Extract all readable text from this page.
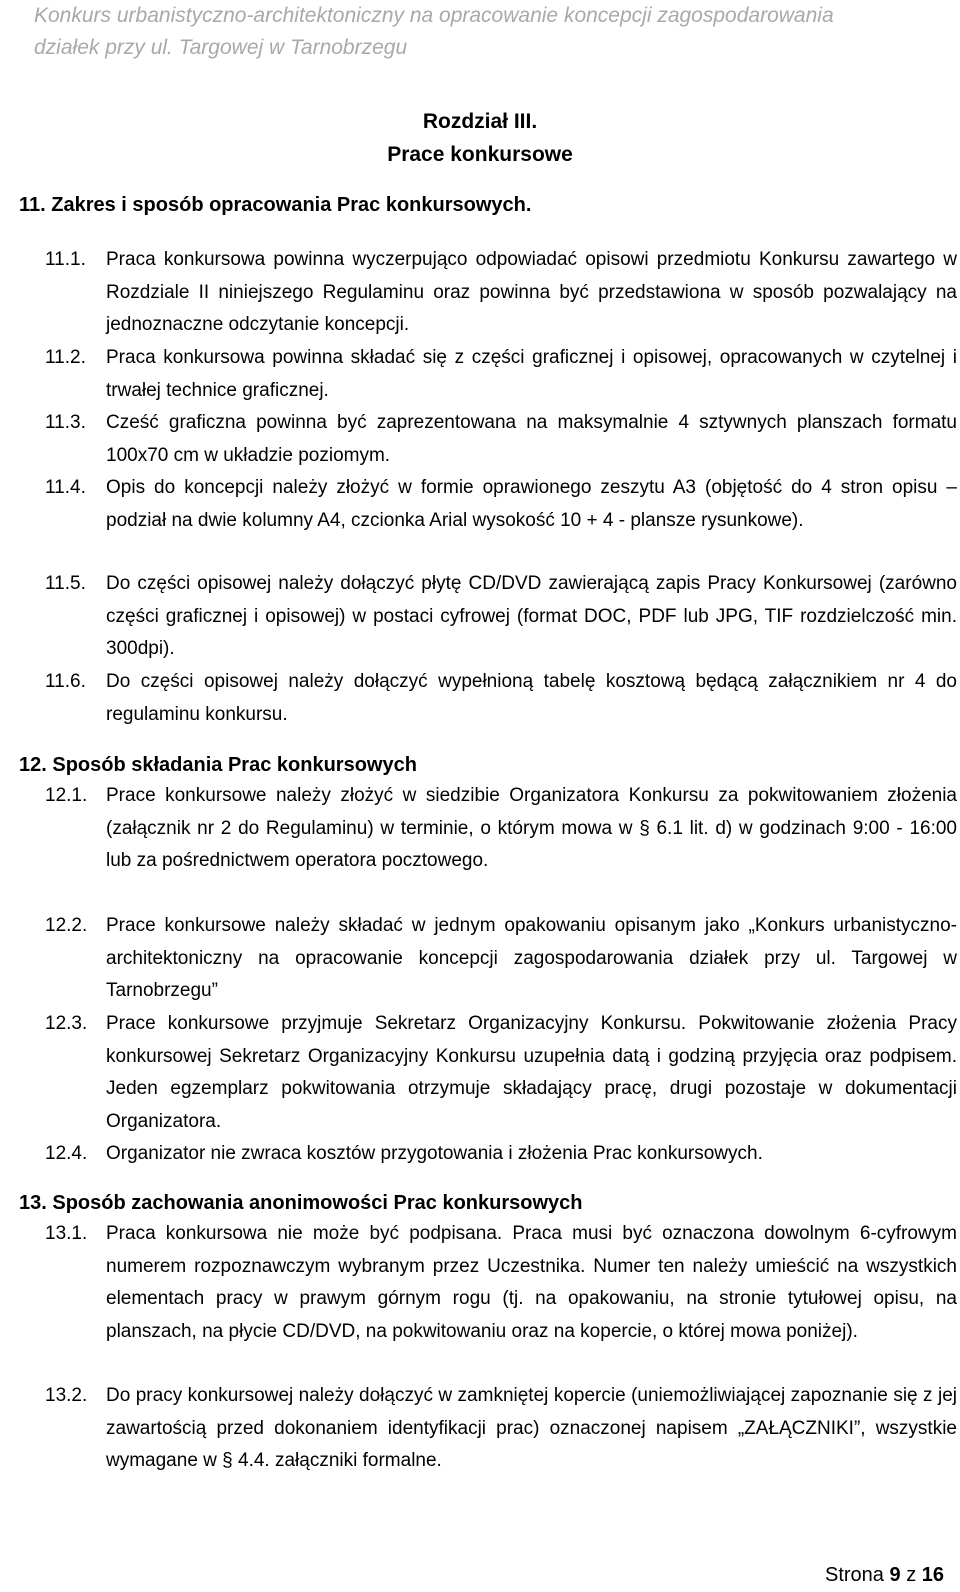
Konkurs urbanistyczno-architektoniczny na opracowanie koncepcji zagospodarowania
działek przy ul. Targowej w Tarnobrzegu
Rozdział III.
Prace konkursowe
11. Zakres i sposób opracowania Prac konkursowych.
11.1. Praca konkursowa powinna wyczerpująco odpowiadać opisowi przedmiotu Konkursu zawartego w Rozdziale II niniejszego Regulaminu oraz powinna być przedstawiona w sposób pozwalający na jednoznaczne odczytanie koncepcji.
11.2. Praca konkursowa powinna składać się z części graficznej i opisowej, opracowanych w czytelnej i trwałej technice graficznej.
11.3. Cześć graficzna powinna być zaprezentowana na maksymalnie 4 sztywnych planszach formatu 100x70 cm w układzie poziomym.
11.4. Opis do koncepcji należy złożyć w formie oprawionego zeszytu A3 (objętość do 4 stron opisu – podział na dwie kolumny A4, czcionka Arial wysokość 10 + 4 - plansze rysunkowe).
11.5. Do części opisowej należy dołączyć płytę CD/DVD zawierającą zapis Pracy Konkursowej (zarówno części graficznej i opisowej) w postaci cyfrowej (format DOC, PDF lub JPG, TIF rozdzielczość min. 300dpi).
11.6. Do części opisowej należy dołączyć wypełnioną tabelę kosztową będącą załącznikiem nr 4 do regulaminu konkursu.
12. Sposób składania Prac konkursowych
12.1. Prace konkursowe należy złożyć w siedzibie Organizatora Konkursu za pokwitowaniem złożenia (załącznik nr 2 do Regulaminu) w terminie, o którym mowa w § 6.1 lit. d) w godzinach 9:00 - 16:00 lub za pośrednictwem operatora pocztowego.
12.2. Prace konkursowe należy składać w jednym opakowaniu opisanym jako „Konkurs urbanistyczno-architektoniczny na opracowanie koncepcji zagospodarowania działek przy ul. Targowej w Tarnobrzegu”
12.3. Prace konkursowe przyjmuje Sekretarz Organizacyjny Konkursu. Pokwitowanie złożenia Pracy konkursowej Sekretarz Organizacyjny Konkursu uzupełnia datą i godziną przyjęcia oraz podpisem. Jeden egzemplarz pokwitowania otrzymuje składający pracę, drugi pozostaje w dokumentacji Organizatora.
12.4. Organizator nie zwraca kosztów przygotowania i złożenia Prac konkursowych.
13. Sposób zachowania anonimowości Prac konkursowych
13.1. Praca konkursowa nie może być podpisana. Praca musi być oznaczona dowolnym 6-cyfrowym numerem rozpoznawczym wybranym przez Uczestnika. Numer ten należy umieścić na wszystkich elementach pracy w prawym górnym rogu (tj. na opakowaniu, na stronie tytułowej opisu, na planszach, na płycie CD/DVD, na pokwitowaniu oraz na kopercie, o której mowa poniżej).
13.2. Do pracy konkursowej należy dołączyć w zamkniętej kopercie (uniemożliwiającej zapoznanie się z jej zawartością przed dokonaniem identyfikacji prac) oznaczonej napisem „ZAŁĄCZNIKI”, wszystkie wymagane w § 4.4. załączniki formalne.
Strona 9 z 16
